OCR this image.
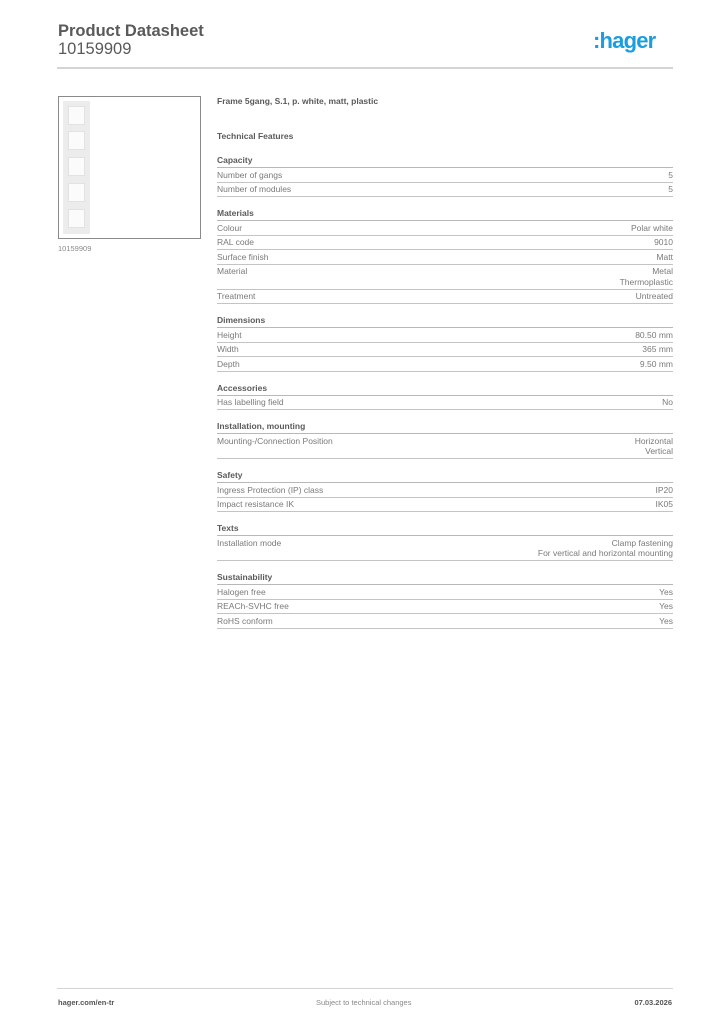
Product Datasheet
10159909	:hager
10159909
Frame 5gang, S.1, p. white, matt, plastic
Technical Features
Capacity
Number of gangs	5
Number of modules	5
Materials
Colour	Polar white
RAL code	9010
Surface finish	Matt
Material	Metal
Thermoplastic
Treatment	Untreated
Dimensions
Height	80.50 mm
Width	365 mm
Depth	9.50 mm
Accessories
Has labelling field	No
Installation, mounting
Mounting-/Connection Position	Horizontal
Vertical
Safety
Ingress Protection (IP) class	IP20
Impact resistance IK	IK05
Texts
Installation mode	Clamp fastening
For vertical and horizontal mounting
Sustainability
Halogen free	Yes
REACh-SVHC free	Yes
RoHS conform	Yes
hager.com/en-tr	Subject to technical changes	07.03.2026
